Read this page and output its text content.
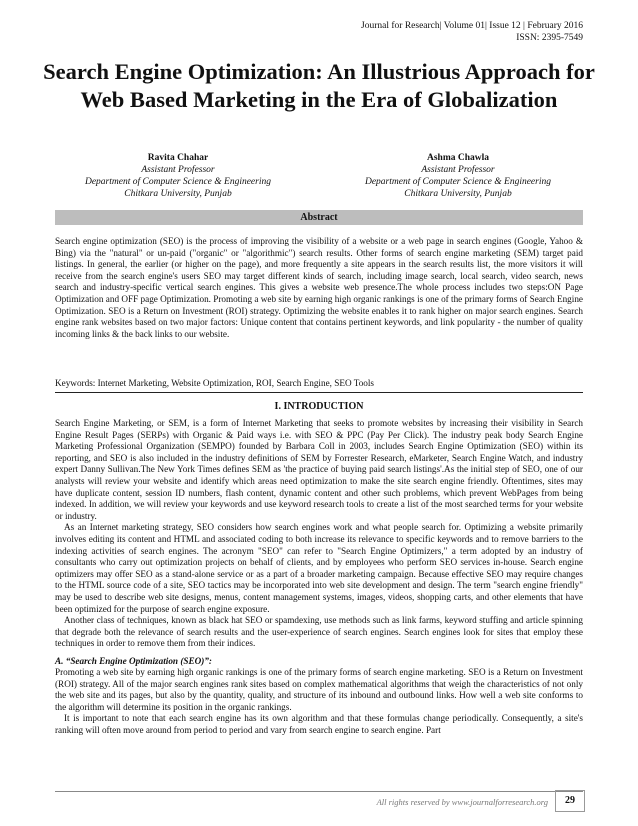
Journal for Research| Volume 01| Issue 12 | February 2016
ISSN: 2395-7549
Search Engine Optimization: An Illustrious Approach for Web Based Marketing in the Era of Globalization
Ravita Chahar
Assistant Professor
Department of Computer Science & Engineering
Chitkara University, Punjab
Ashma Chawla
Assistant Professor
Department of Computer Science & Engineering
Chitkara University, Punjab
Abstract
Search engine optimization (SEO) is the process of improving the visibility of a website or a web page in search engines (Google, Yahoo & Bing) via the "natural" or un-paid ("organic" or "algorithmic") search results. Other forms of search engine marketing (SEM) target paid listings. In general, the earlier (or higher on the page), and more frequently a site appears in the search results list, the more visitors it will receive from the search engine's users SEO may target different kinds of search, including image search, local search, video search, news search and industry-specific vertical search engines. This gives a website web presence.The whole process includes two steps:ON Page Optimization and OFF page Optimization. Promoting a web site by earning high organic rankings is one of the primary forms of Search Engine Optimization. SEO is a Return on Investment (ROI) strategy. Optimizing the website enables it to rank higher on major search engines. Search engine rank websites based on two major factors: Unique content that contains pertinent keywords, and link popularity - the number of quality incoming links & the back links to our website.
Keywords: Internet Marketing, Website Optimization, ROI, Search Engine, SEO Tools
I. INTRODUCTION

Search Engine Marketing, or SEM, is a form of Internet Marketing that seeks to promote websites by increasing their visibility in Search Engine Result Pages (SERPs) with Organic & Paid ways i.e. with SEO & PPC (Pay Per Click). The industry peak body Search Engine Marketing Professional Organization (SEMPO) founded by Barbara Coll in 2003, includes Search Engine Optimization (SEO) within its reporting, and SEO is also included in the industry definitions of SEM by Forrester Research, eMarketer, Search Engine Watch, and industry expert Danny Sullivan.The New York Times defines SEM as 'the practice of buying paid search listings'.As the initial step of SEO, one of our analysts will review your website and identify which areas need optimization to make the site search engine friendly. Oftentimes, sites may have duplicate content, session ID numbers, flash content, dynamic content and other such problems, which prevent WebPages from being indexed. In addition, we will review your keywords and use keyword research tools to create a list of the most searched terms for your website or industry.

As an Internet marketing strategy, SEO considers how search engines work and what people search for. Optimizing a website primarily involves editing its content and HTML and associated coding to both increase its relevance to specific keywords and to remove barriers to the indexing activities of search engines. The acronym "SEO" can refer to "Search Engine Optimizers," a term adopted by an industry of consultants who carry out optimization projects on behalf of clients, and by employees who perform SEO services in-house. Search engine optimizers may offer SEO as a stand-alone service or as a part of a broader marketing campaign. Because effective SEO may require changes to the HTML source code of a site, SEO tactics may be incorporated into web site development and design. The term "search engine friendly" may be used to describe web site designs, menus, content management systems, images, videos, shopping carts, and other elements that have been optimized for the purpose of search engine exposure.

Another class of techniques, known as black hat SEO or spamdexing, use methods such as link farms, keyword stuffing and article spinning that degrade both the relevance of search results and the user-experience of search engines. Search engines look for sites that employ these techniques in order to remove them from their indices.

A. “Search Engine Optimization (SEO)”:

Promoting a web site by earning high organic rankings is one of the primary forms of search engine marketing. SEO is a Return on Investment (ROI) strategy. All of the major search engines rank sites based on complex mathematical algorithms that weigh the characteristics of not only the web site and its pages, but also by the quantity, quality, and structure of its inbound and outbound links. How well a web site conforms to the algorithm will determine its position in the organic rankings.

It is important to note that each search engine has its own algorithm and that these formulas change periodically. Consequently, a site's ranking will often move around from period to period and vary from search engine to search engine. Part

All rights reserved by www.journalforresearch.org	29
